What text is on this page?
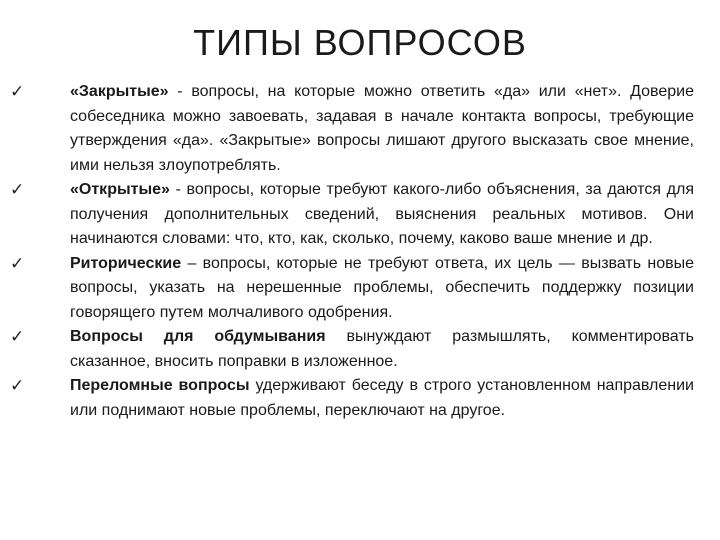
ТИПЫ ВОПРОСОВ
✓	«Закрытые» - вопросы, на которые можно ответить «да» или «нет». Доверие собеседника можно завоевать, задавая в начале контакта вопросы, требующие утверждения «да». «Закрытые» вопросы лишают другого высказать свое мнение, ими нельзя злоупотреблять.
✓	«Открытые» - вопросы, которые требуют какого-либо объяснения, за даются для получения дополнительных сведений, выяснения реальных мотивов. Они начинаются словами: что, кто, как, сколько, почему, каково ваше мнение и др.
✓	Риторические – вопросы, которые не требуют ответа, их цель — вызвать новые вопросы, указать на нерешенные проблемы, обеспечить поддержку позиции говорящего путем молчаливого одобрения.
✓	Вопросы для обдумывания вынуждают размышлять, комментировать сказанное, вносить поправки в изложенное.
✓	Переломные вопросы удерживают беседу в строго установленном направлении или поднимают новые проблемы, переключают на другое.
